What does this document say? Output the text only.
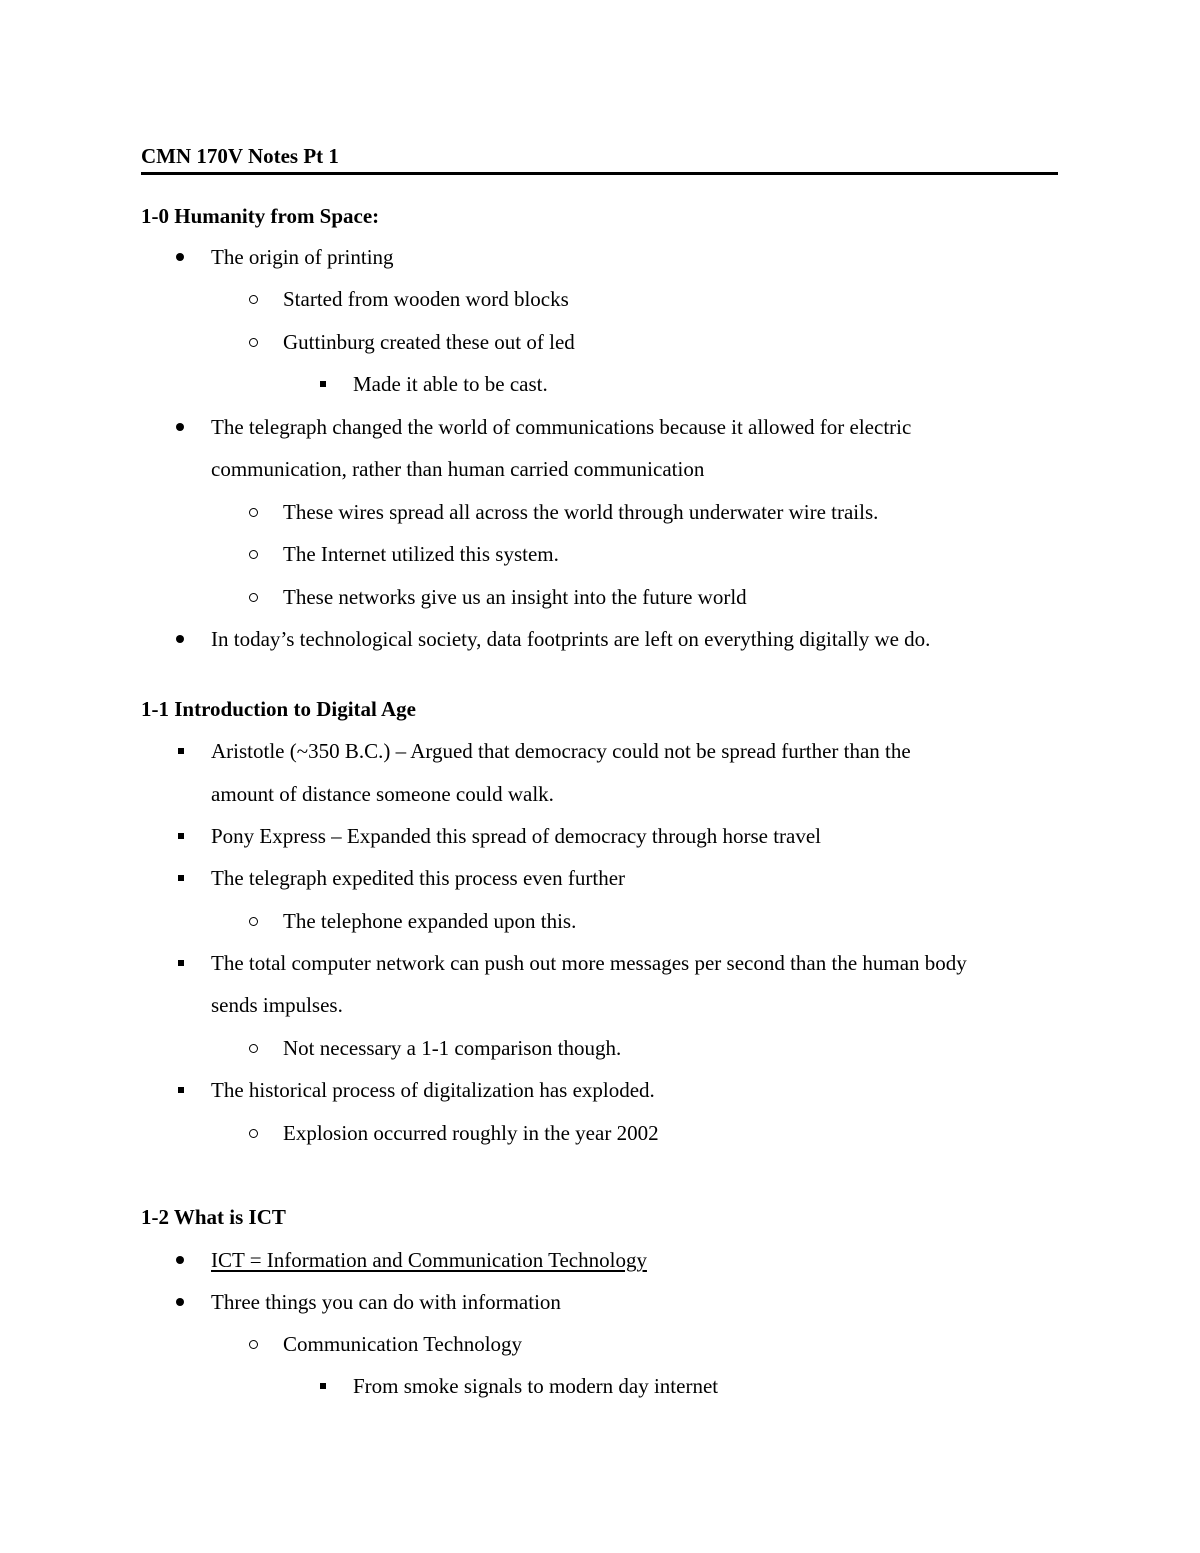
CMN 170V Notes Pt 1
1-0 Humanity from Space:
The origin of printing
Started from wooden word blocks
Guttinburg created these out of led
Made it able to be cast.
The telegraph changed the world of communications because it allowed for electric
communication, rather than human carried communication
These wires spread all across the world through underwater wire trails.
The Internet utilized this system.
These networks give us an insight into the future world
In today’s technological society, data footprints are left on everything digitally we do.
1-1 Introduction to Digital Age
Aristotle (~350 B.C.) – Argued that democracy could not be spread further than the
amount of distance someone could walk.
Pony Express – Expanded this spread of democracy through horse travel
The telegraph expedited this process even further
The telephone expanded upon this.
The total computer network can push out more messages per second than the human body
sends impulses.
Not necessary a 1-1 comparison though.
The historical process of digitalization has exploded.
Explosion occurred roughly in the year 2002
1-2 What is ICT
ICT = Information and Communication Technology
Three things you can do with information
Communication Technology
From smoke signals to modern day internet
